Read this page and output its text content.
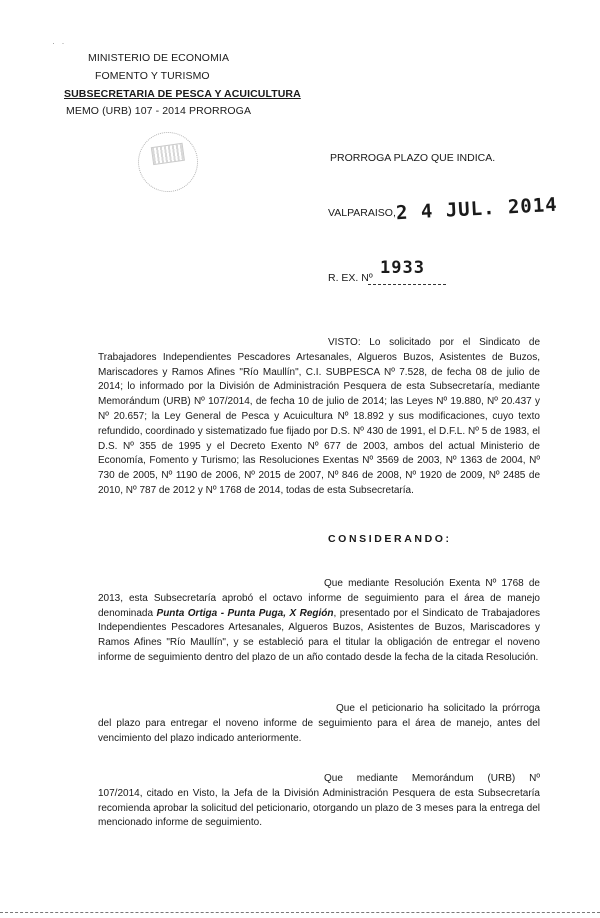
· ·
MINISTERIO DE ECONOMIA
FOMENTO Y TURISMO
SUBSECRETARIA DE PESCA Y ACUICULTURA
MEMO (URB) 107 - 2014 PRORROGA
PRORROGA PLAZO QUE INDICA.
VALPARAISO, 2 4 JUL. 2014
R. EX. Nº 1933
VISTO: Lo solicitado por el Sindicato de Trabajadores Independientes Pescadores Artesanales, Algueros Buzos, Asistentes de Buzos, Mariscadores y Ramos Afines "Río Maullín", C.I. SUBPESCA Nº 7.528, de fecha 08 de julio de 2014; lo informado por la División de Administración Pesquera de esta Subsecretaría, mediante Memorándum (URB) Nº 107/2014, de fecha 10 de julio de 2014; las Leyes Nº 19.880, Nº 20.437 y Nº 20.657; la Ley General de Pesca y Acuicultura Nº 18.892 y sus modificaciones, cuyo texto refundido, coordinado y sistematizado fue fijado por D.S. Nº 430 de 1991, el D.F.L. Nº 5 de 1983, el D.S. Nº 355 de 1995 y el Decreto Exento Nº 677 de 2003, ambos del actual Ministerio de Economía, Fomento y Turismo; las Resoluciones Exentas Nº 3569 de 2003, Nº 1363 de 2004, Nº 730 de 2005, Nº 1190 de 2006, Nº 2015 de 2007, Nº 846 de 2008, Nº 1920 de 2009, Nº 2485 de 2010, Nº 787 de 2012 y Nº 1768 de 2014, todas de esta Subsecretaría.
CONSIDERANDO:
Que mediante Resolución Exenta Nº 1768 de 2013, esta Subsecretaría aprobó el octavo informe de seguimiento para el área de manejo denominada Punta Ortiga - Punta Puga, X Región, presentado por el Sindicato de Trabajadores Independientes Pescadores Artesanales, Algueros Buzos, Asistentes de Buzos, Mariscadores y Ramos Afines "Río Maullín", y se estableció para el titular la obligación de entregar el noveno informe de seguimiento dentro del plazo de un año contado desde la fecha de la citada Resolución.
Que el peticionario ha solicitado la prórroga del plazo para entregar el noveno informe de seguimiento para el área de manejo, antes del vencimiento del plazo indicado anteriormente.
Que mediante Memorándum (URB) Nº 107/2014, citado en Visto, la Jefa de la División Administración Pesquera de esta Subsecretaría recomienda aprobar la solicitud del peticionario, otorgando un plazo de 3 meses para la entrega del mencionado informe de seguimiento.
